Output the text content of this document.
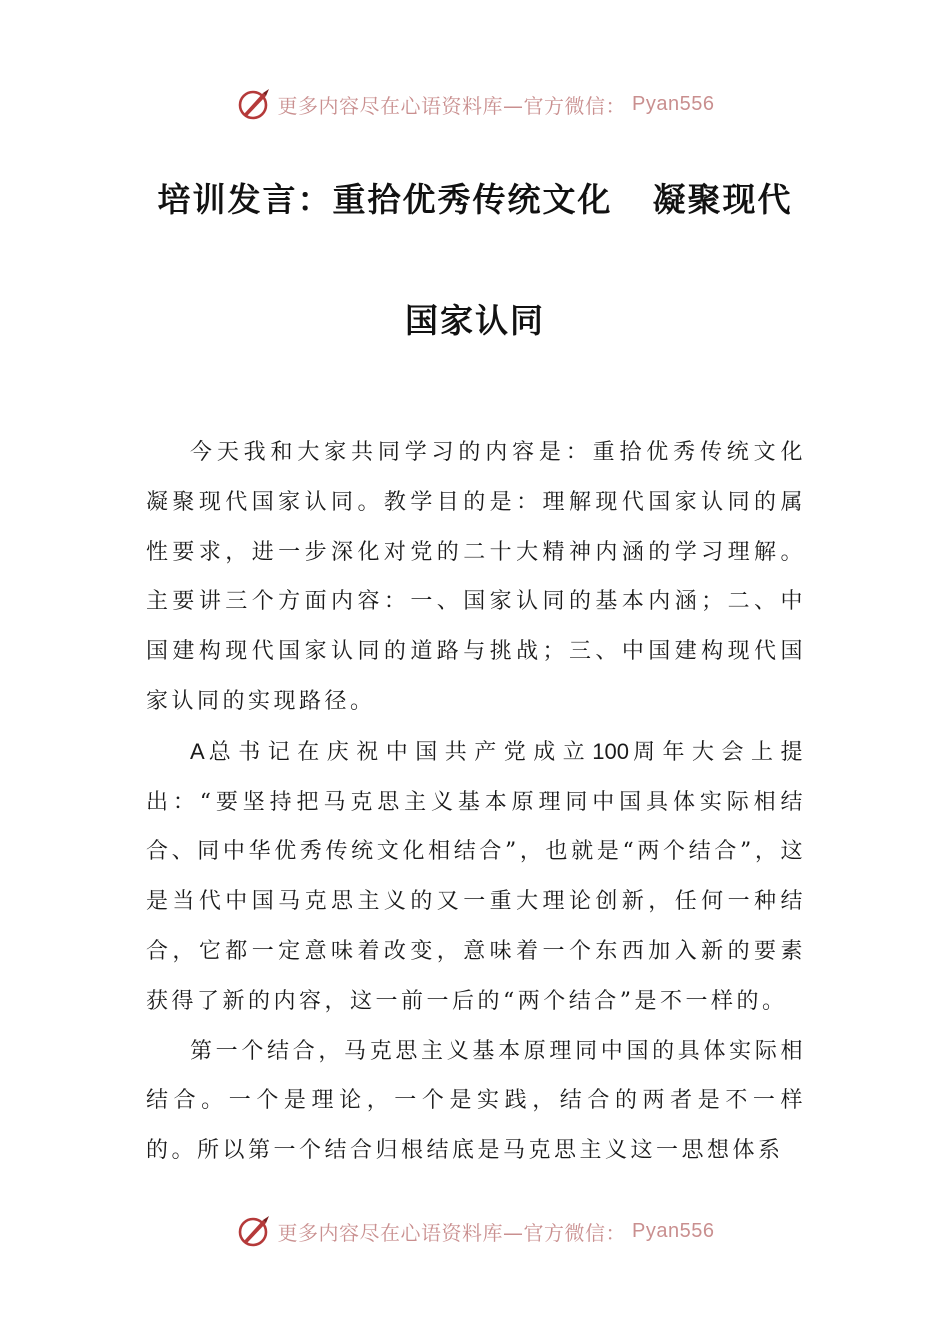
更多内容尽在心语资料库—官方微信： Pyan556
培训发言：重拾优秀传统文化 凝聚现代
国家认同

今天我和大家共同学习的内容是：重拾优秀传统文化 凝聚现代国家认同。教学目的是：理解现代国家认同的属性要求，进一步深化对党的二十大精神内涵的学习理解。主要讲三个方面内容：一、国家认同的基本内涵；二、中国建构现代国家认同的道路与挑战；三、中国建构现代国家认同的实现路径。

A总书记在庆祝中国共产党成立100周年大会上提出：“要坚持把马克思主义基本原理同中国具体实际相结合、同中华优秀传统文化相结合”，也就是“两个结合”，这是当代中国马克思主义的又一重大理论创新，任何一种结合，它都一定意味着改变，意味着一个东西加入新的要素获得了新的内容，这一前一后的“两个结合”是不一样的。

第一个结合，马克思主义基本原理同中国的具体实际相结合。一个是理论，一个是实践，结合的两者是不一样的。所以第一个结合归根结底是马克思主义这一思想体系

更多内容尽在心语资料库—官方微信： Pyan556
